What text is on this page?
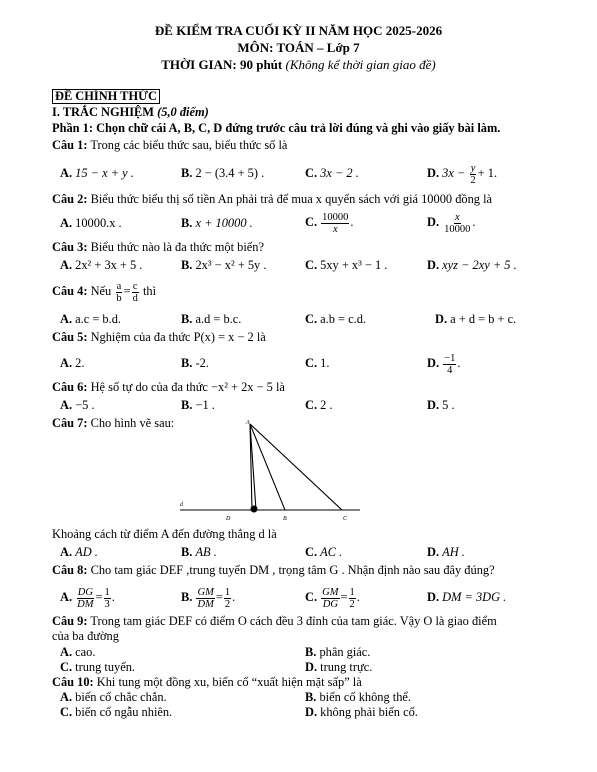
ĐỀ KIỂM TRA CUỐI KỲ II NĂM HỌC 2025-2026
MÔN: TOÁN – Lớp 7
THỜI GIAN: 90 phút (Không kể thời gian giao đề)
ĐỀ CHÍNH THỨC
I. TRẮC NGHIỆM (5,0 điểm)
Phần 1: Chọn chữ cái A, B, C, D đứng trước câu trả lời đúng và ghi vào giấy bài làm.
Câu 1: Trong các biểu thức sau, biểu thức số là
A. 15 − x + y .	B. 2 − (3.4 + 5) .	C. 3x − 2 .	D. $3x - \frac{y}{2} + 1$.
Câu 2: Biểu thức biểu thị số tiền An phải trả để mua x quyển sách với giá 10000 đồng là
A. 10000.x .	B. x + 10000 .	C. $\frac{10000}{x}$ .	D. $\frac{x}{10000}$ .
Câu 3: Biểu thức nào là đa thức một biến?
A. 2x² + 3x + 5 .	B. 2x³ − x² + 5y .	C. 5xy + x³ − 1 .	D. xyz − 2xy + 5 .
Câu 4: Nếu $\frac{a}{b} = \frac{c}{d}$ thì
A. a.c = b.d.	B. a.d = b.c.	C. a.b = c.d.	D. a + d = b + c.
Câu 5: Nghiệm của đa thức P(x) = x − 2 là
A. 2.	B. -2.	C. 1.	D. $\frac{-1}{4}$ .
Câu 6: Hệ số tự do của đa thức −x² + 2x − 5 là
A. −5 .	B. −1 .	C. 2 .	D. 5 .
Câu 7: Cho hình vẽ sau:	A
d
D	B	C
Khoảng cách từ điểm A đến đường thẳng d là
A. AD .	B. AB .	C. AC .	D. AH .
Câu 8: Cho tam giác DEF ,trung tuyến DM , trọng tâm G . Nhận định nào sau đây đúng?
A. $\frac{DG}{DM} = \frac{1}{3}$ .	B. $\frac{GM}{DM} = \frac{1}{2}$ .	C. $\frac{GM}{DG} = \frac{1}{2}$ .	D. DM = 3DG .
Câu 9: Trong tam giác DEF có điểm O cách đều 3 đỉnh của tam giác. Vậy O là giao điểm
của ba đường
A. cao.	B. phân giác.
C. trung tuyến.	D. trung trực.
Câu 10: Khi tung một đồng xu, biến cố “xuất hiện mặt sấp” là
A. biến cố chắc chắn.	B. biến cố không thể.
C. biến cố ngẫu nhiên.	D. không phải biến cố.
